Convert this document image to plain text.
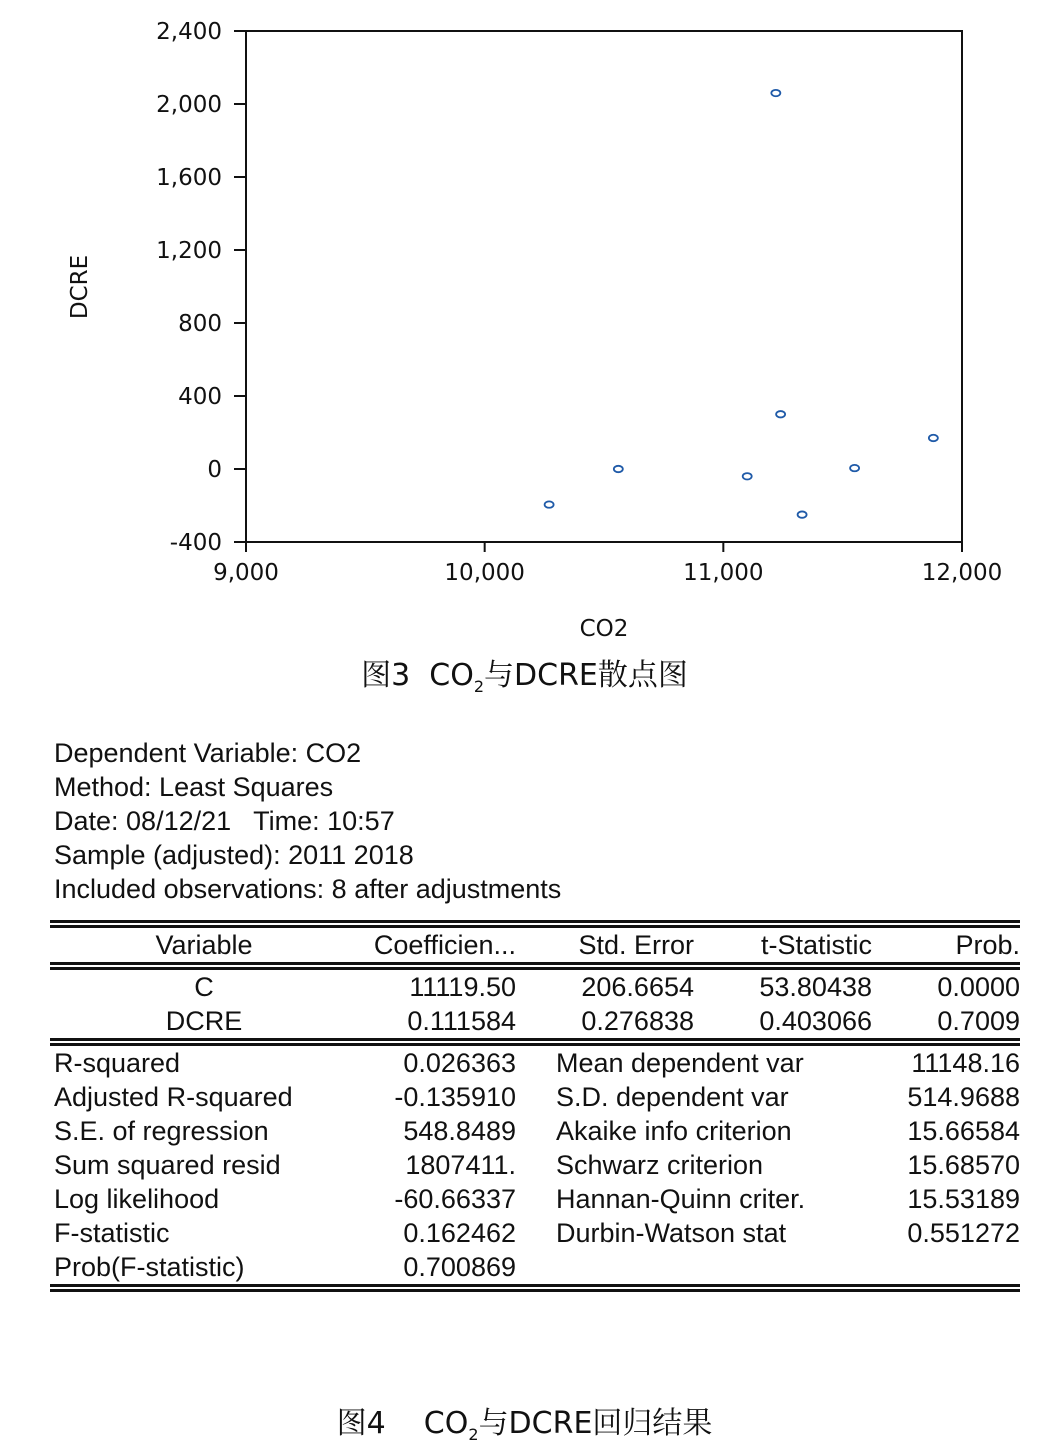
-400
0
400
800
1,200
1,600
2,000
2,400
9,000	10,000	11,000	12,000
CO2
DCRE
图3  $CO_2$与DCRE散点图
Dependent Variable: CO2
Method: Least Squares
Date: 08/12/21   Time: 10:57
Sample (adjusted): 2011 2018
Included observations: 8 after adjustments
Variable	Coefficien...	Std. Error	t-Statistic	Prob.
C	11119.50	206.6654	53.80438	0.0000
DCRE	0.111584	0.276838	0.403066	0.7009
R-squared	0.026363		Mean dependent var	11148.16
Adjusted R-squared	-0.135910		S.D. dependent var	514.9688
S.E. of regression	548.8489		Akaike info criterion	15.66584
Sum squared resid	1807411.		Schwarz criterion	15.68570
Log likelihood	-60.66337		Hannan-Quinn criter.	15.53189
F-statistic	0.162462		Durbin-Watson stat	0.551272
Prob(F-statistic)	0.700869			
图4    $CO_2$与DCRE回归结果
